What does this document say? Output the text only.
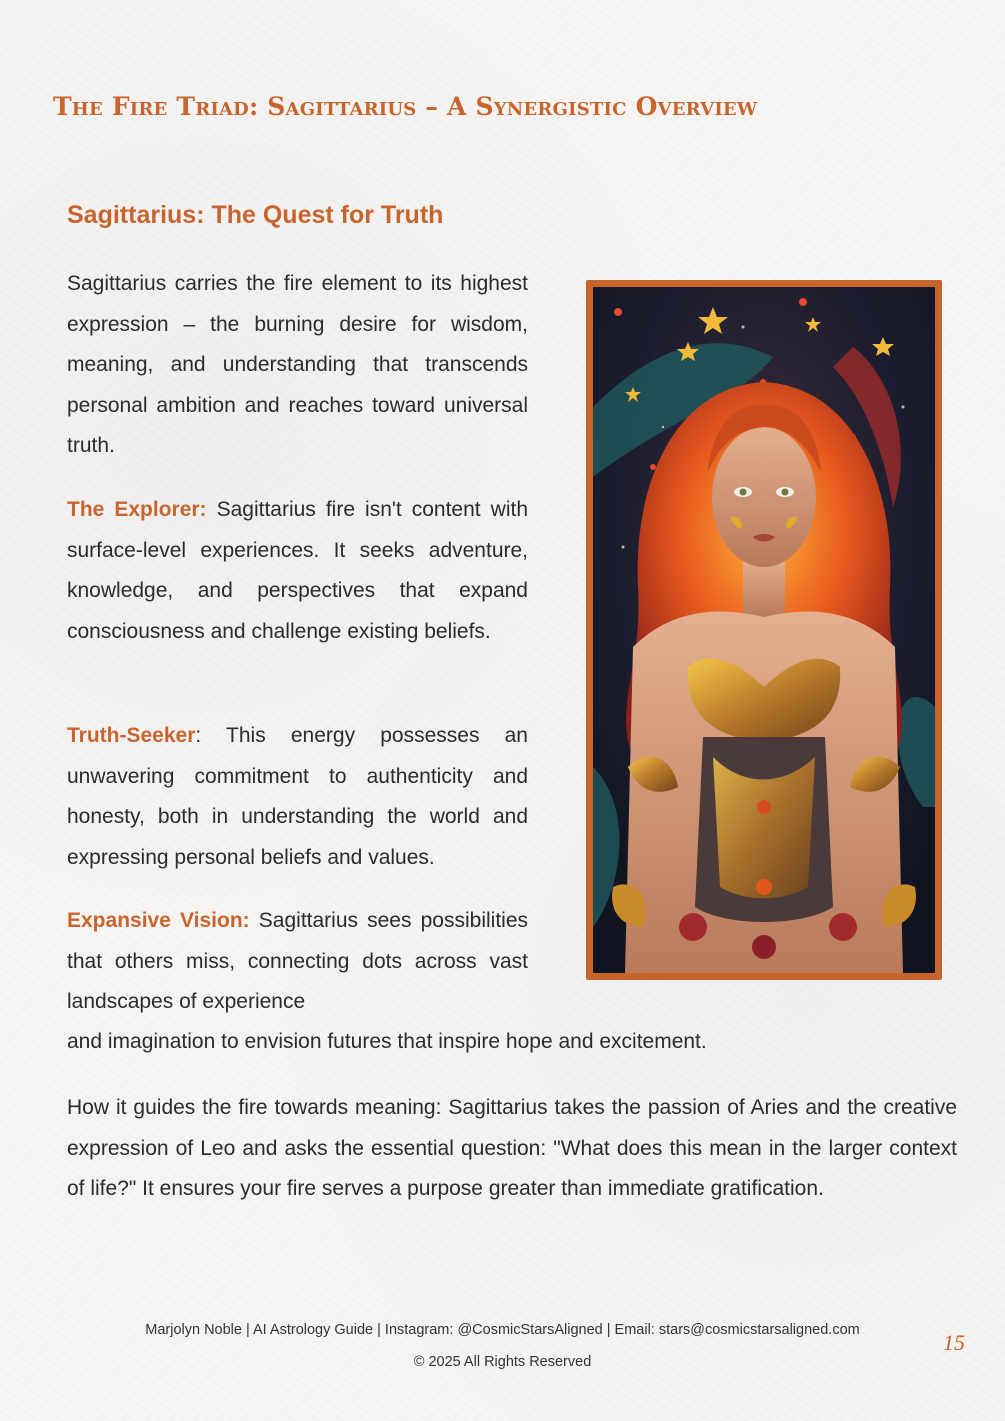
The Fire Triad: Sagittarius – A Synergistic Overview
Sagittarius: The Quest for Truth

Sagittarius carries the fire element to its highest expression – the burning desire for wisdom, meaning, and understanding that transcends personal ambition and reaches toward universal truth.

The Explorer: Sagittarius fire isn't content with surface-level experiences. It seeks adventure, knowledge, and perspectives that expand consciousness and challenge existing beliefs.

Truth-Seeker: This energy possesses an unwavering commitment to authenticity and honesty, both in understanding the world and expressing personal beliefs and values.

Expansive Vision: Sagittarius sees possibilities that others miss, connecting dots across vast landscapes of experience

and imagination to envision futures that inspire hope and excitement.

How it guides the fire towards meaning: Sagittarius takes the passion of Aries and the creative expression of Leo and asks the essential question: "What does this mean in the larger context of life?" It ensures your fire serves a purpose greater than immediate gratification.

Marjolyn Noble | AI Astrology Guide | Instagram: @CosmicStarsAligned | Email: stars@cosmicstarsaligned.com

© 2025 All Rights Reserved

15
